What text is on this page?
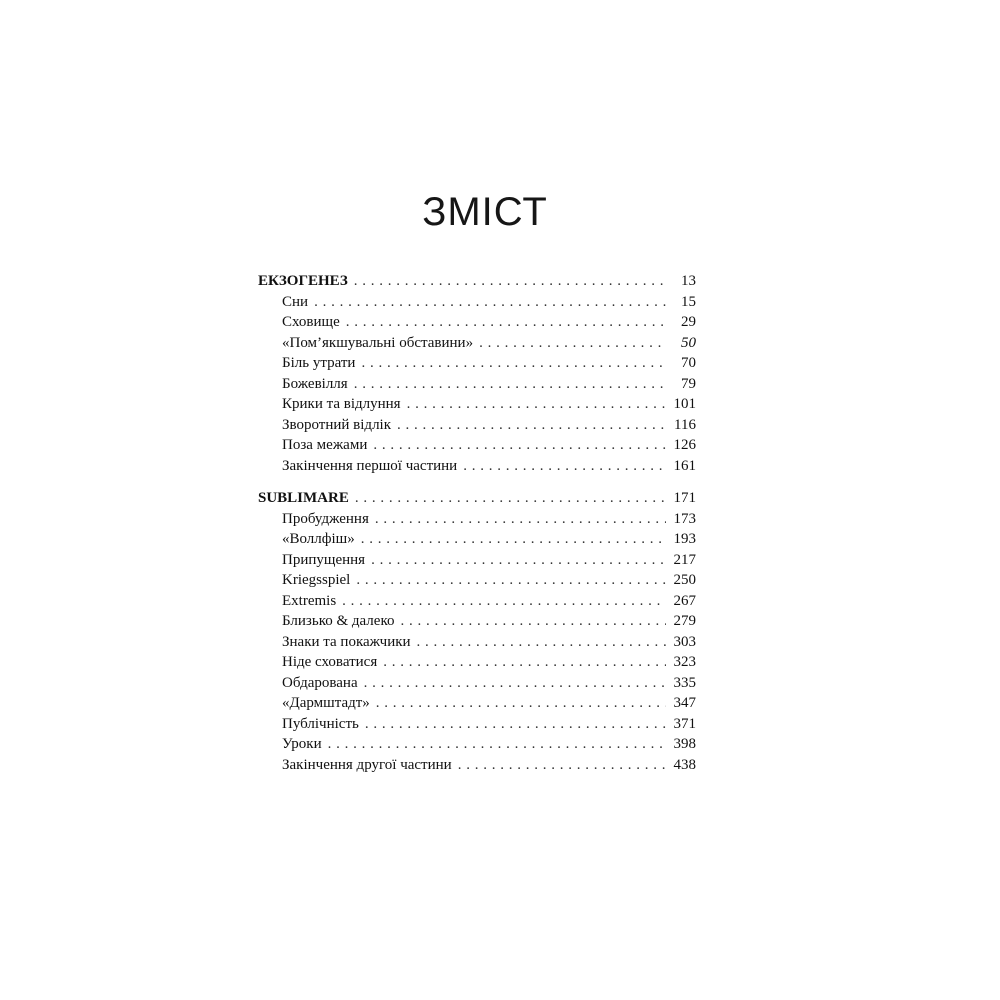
ЗМІСТ
ЕКЗОГЕНЕЗ . . .	13
Сни . . .	15
Сховище . . .	29
«Пом’якшувальні обставини» . . .	50
Біль утрати . . .	70
Божевілля . . .	79
Крики та відлуння . . .	101
Зворотний відлік . . .	116
Поза межами . . .	126
Закінчення першої частини . . .	161
SUBLIMARE . . .	171
Пробудження . . .	173
«Воллфіш» . . .	193
Припущення . . .	217
Kriegsspiel . . .	250
Extremis . . .	267
Близько & далеко . . .	279
Знаки та покажчики . . .	303
Ніде сховатися . . .	323
Обдарована . . .	335
«Дармштадт» . . .	347
Публічність . . .	371
Уроки . . .	398
Закінчення другої частини . . .	438
